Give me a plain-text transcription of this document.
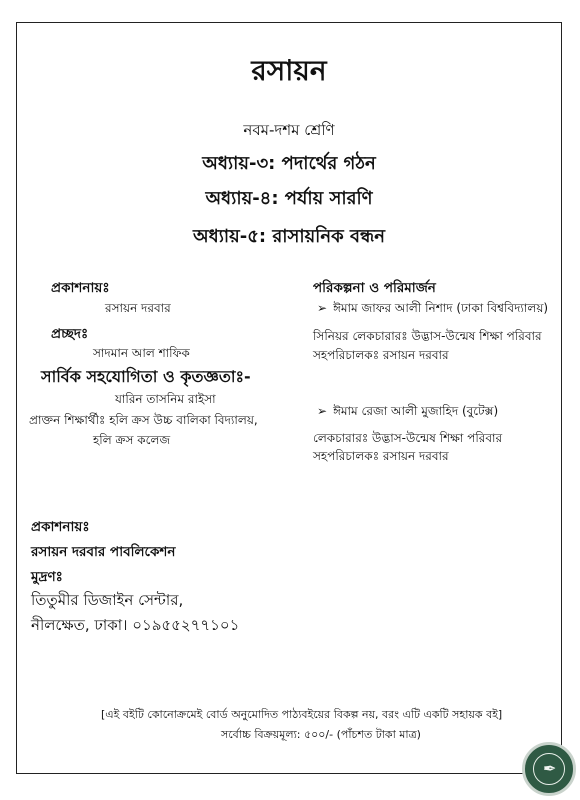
রসায়ন
নবম-দশম শ্রেণি
অধ্যায়-৩: পদার্থের গঠন
অধ্যায়-৪: পর্যায় সারণি
অধ্যায়-৫: রাসায়নিক বন্ধন
প্রকাশনায়ঃ
রসায়ন দরবার
প্রচ্ছদঃ
সাদমান আল শাফিক
সার্বিক সহযোগিতা ও কৃতজ্ঞতাঃ-
যারিন তাসনিম রাইসা
প্রাক্তন শিক্ষার্থীঃ হলি ক্রস উচ্চ বালিকা বিদ্যালয়,
হলি ক্রস কলেজ
পরিকল্পনা ও পরিমার্জন
➢ ঈমাম জাফর আলী নিশাদ (ঢাকা বিশ্ববিদ্যালয়)
সিনিয়র লেকচারারঃ উদ্ভাস-উন্মেষ শিক্ষা পরিবার
সহপরিচালকঃ রসায়ন দরবার
➢ ঈমাম রেজা আলী মুজাহিদ (বুটেক্স)
লেকচারারঃ উদ্ভাস-উন্মেষ শিক্ষা পরিবার
সহপরিচালকঃ রসায়ন দরবার
প্রকাশনায়ঃ
রসায়ন দরবার পাবলিকেশন
মুদ্রণঃ
তিতুমীর ডিজাইন সেন্টার,
নীলক্ষেত, ঢাকা। ০১৯৫৫২৭৭১০১
[এই বইটি কোনোক্রমেই বোর্ড অনুমোদিত পাঠ্যবইয়ের বিকল্প নয়, বরং এটি একটি সহায়ক বই]
সর্বোচ্চ বিক্রয়মূল্য: ৫০০/- (পাঁচশত টাকা মাত্র)
✒
